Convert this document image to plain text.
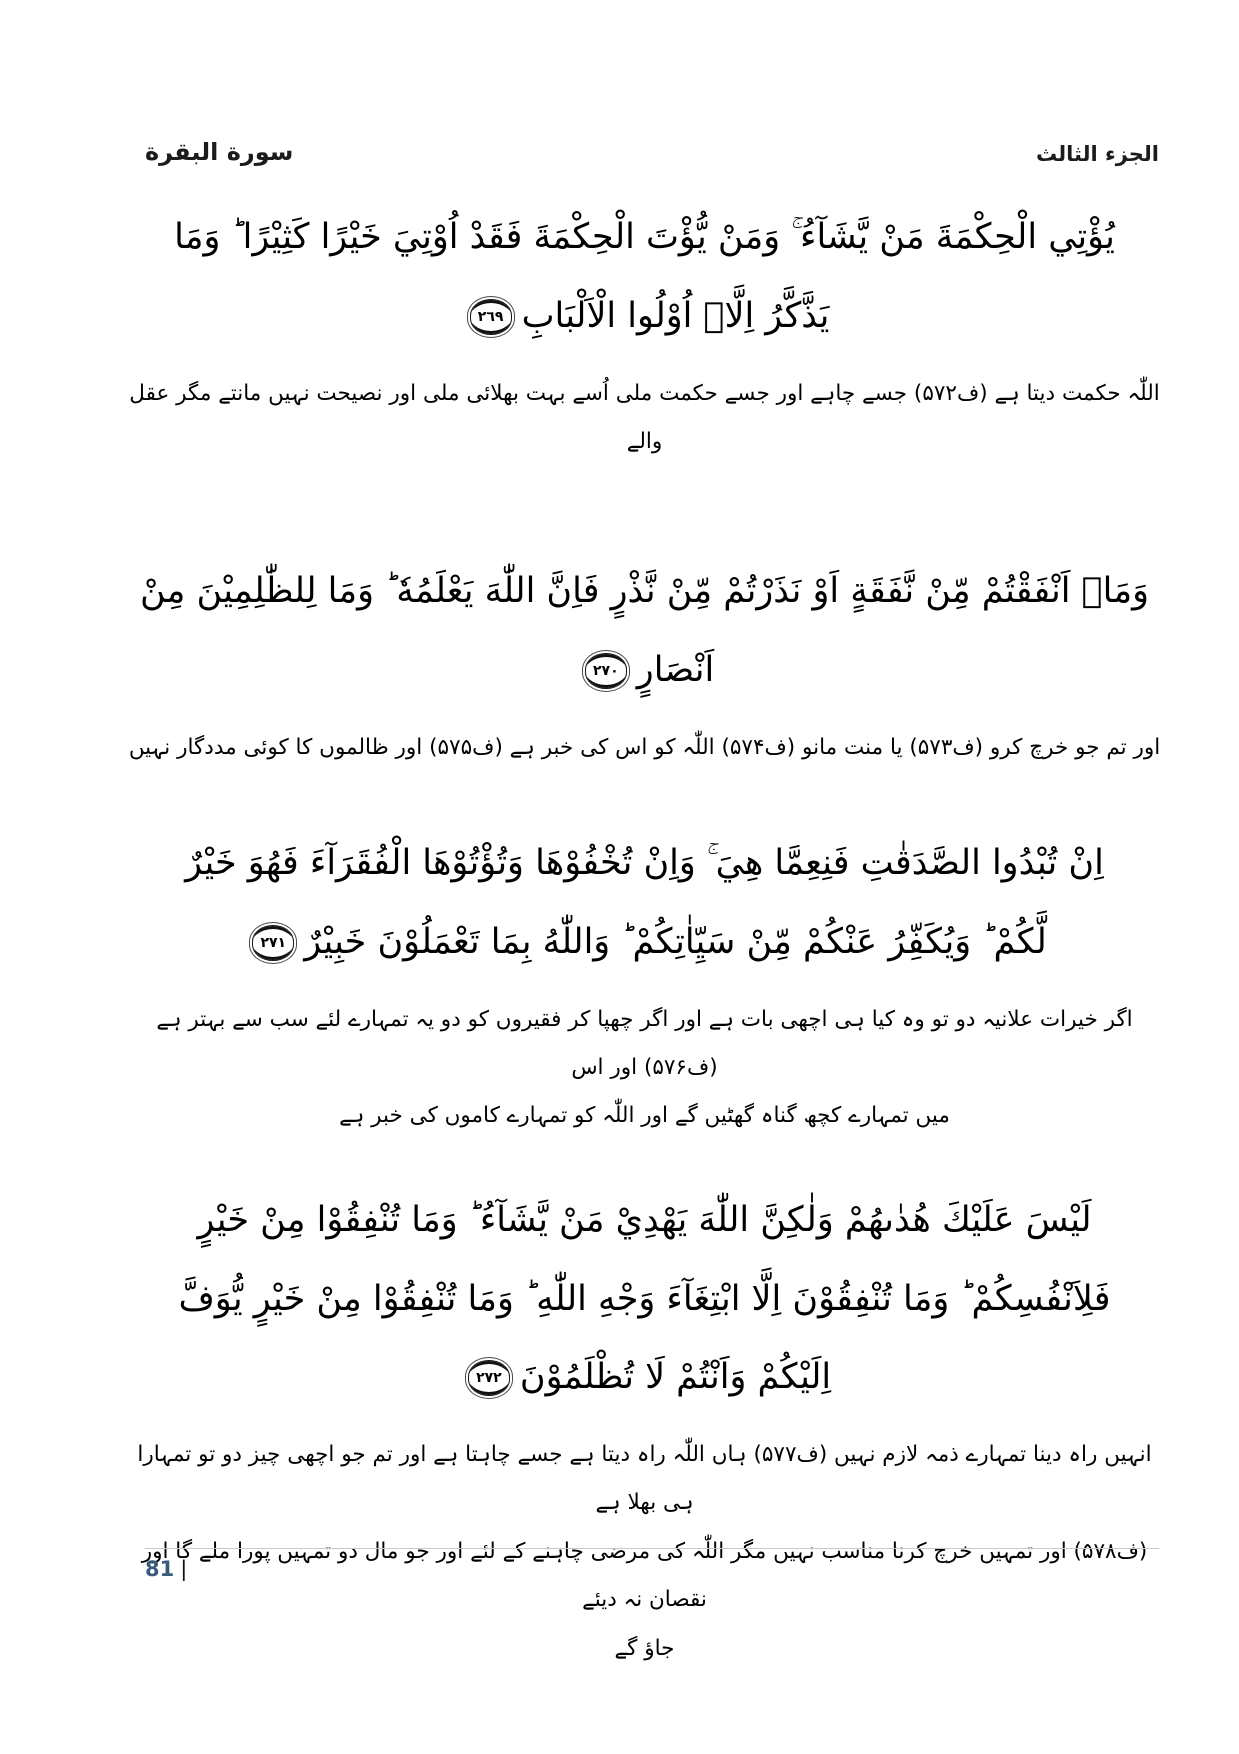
الجزء الثالث
سورة البقرة
يُؤْتِي الْحِكْمَةَ مَنْ يَّشَآءُ ۚ وَمَنْ يُّؤْتَ الْحِكْمَةَ فَقَدْ اُوْتِيَ خَيْرًا كَثِيْرًا ؕ وَمَا
يَذَّكَّرُ اِلَّاۤ اُوْلُوا الْاَلْبَابِ٢٦٩
اللّٰہ حکمت دیتا ہے (ف۵۷۲) جسے چاہے اور جسے حکمت ملی اُسے بہت بھلائی ملی اور نصیحت نہیں مانتے مگر عقل والے
وَمَاۤ اَنْفَقْتُمْ مِّنْ نَّفَقَةٍ اَوْ نَذَرْتُمْ مِّنْ نَّذْرٍ فَاِنَّ اللّٰهَ يَعْلَمُهٗ ؕ وَمَا لِلظّٰلِمِيْنَ مِنْ
اَنْصَارٍ٢٧٠
اور تم جو خرچ کرو (ف۵۷۳) یا منت مانو (ف۵۷۴) اللّٰہ کو اس کی خبر ہے (ف۵۷۵) اور ظالموں کا کوئی مددگار نہیں
اِنْ تُبْدُوا الصَّدَقٰتِ فَنِعِمَّا هِيَ ۚ وَاِنْ تُخْفُوْهَا وَتُؤْتُوْهَا الْفُقَرَآءَ فَهُوَ خَيْرٌ
لَّكُمْ ؕ وَيُكَفِّرُ عَنْكُمْ مِّنْ سَيِّاٰتِكُمْ ؕ وَاللّٰهُ بِمَا تَعْمَلُوْنَ خَبِيْرٌ٢٧١
اگر خیرات علانیہ دو تو وہ کیا ہی اچھی بات ہے اور اگر چھپا کر فقیروں کو دو یہ تمہارے لئے سب سے بہتر ہے (ف۵۷۶) اور اس
میں تمہارے کچھ گناہ گھٹیں گے اور اللّٰہ کو تمہارے کاموں کی خبر ہے
لَيْسَ عَلَيْكَ هُدٰىهُمْ وَلٰكِنَّ اللّٰهَ يَهْدِيْ مَنْ يَّشَآءُ ؕ وَمَا تُنْفِقُوْا مِنْ خَيْرٍ
فَلِاَنْفُسِكُمْ ؕ وَمَا تُنْفِقُوْنَ اِلَّا ابْتِغَآءَ وَجْهِ اللّٰهِ ؕ وَمَا تُنْفِقُوْا مِنْ خَيْرٍ يُّوَفَّ
اِلَيْكُمْ وَاَنْتُمْ لَا تُظْلَمُوْنَ٢٧٢
انہیں راہ دینا تمہارے ذمہ لازم نہیں (ف۵۷۷) ہاں اللّٰہ راہ دیتا ہے جسے چاہتا ہے اور تم جو اچھی چیز دو تو تمہارا ہی بھلا ہے
(ف۵۷۸) اور تمہیں خرچ کرنا مناسب نہیں مگر اللّٰہ کی مرضی چاہنے کے لئے اور جو مال دو تمہیں پورا ملے گا اور نقصان نہ دیئے
جاؤ گے
81 |
